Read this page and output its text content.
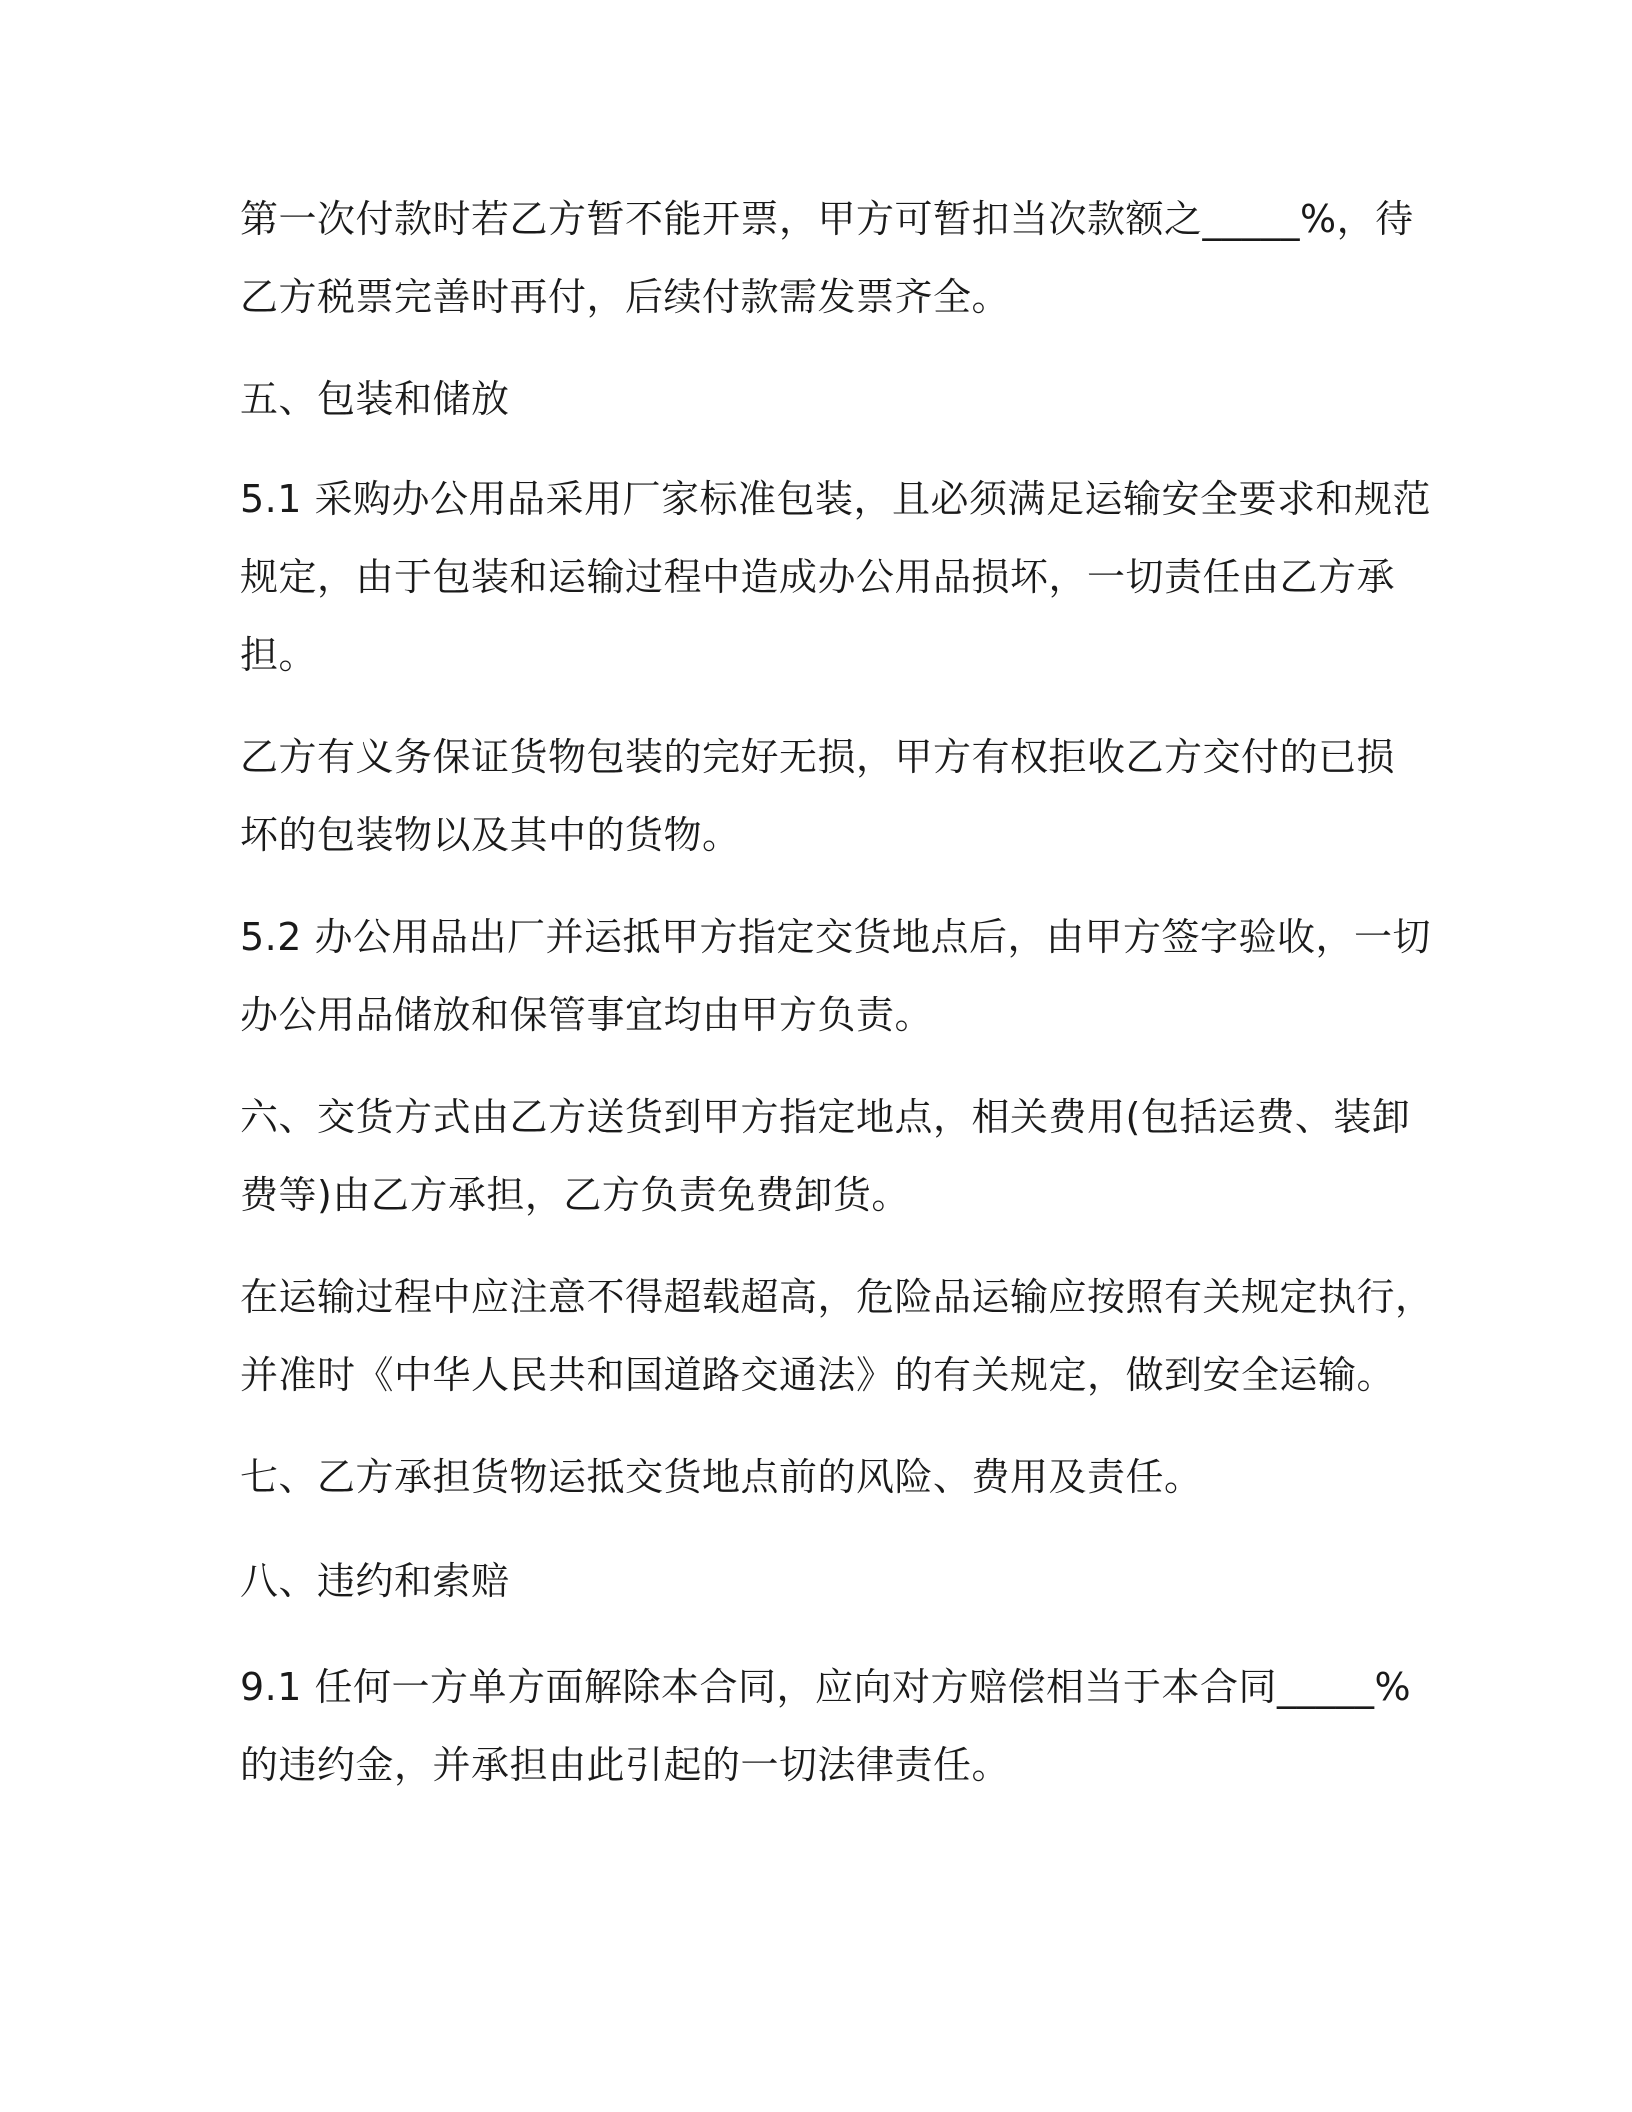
第一次付款时若乙方暂不能开票，甲方可暂扣当次款额之_____%，待
乙方税票完善时再付，后续付款需发票齐全。

五、包装和储放

5.1 采购办公用品采用厂家标准包装，且必须满足运输安全要求和规范
规定，由于包装和运输过程中造成办公用品损坏，一切责任由乙方承
担。

乙方有义务保证货物包装的完好无损，甲方有权拒收乙方交付的已损
坏的包装物以及其中的货物。

5.2 办公用品出厂并运抵甲方指定交货地点后，由甲方签字验收，一切
办公用品储放和保管事宜均由甲方负责。

六、交货方式由乙方送货到甲方指定地点，相关费用(包括运费、装卸
费等)由乙方承担，乙方负责免费卸货。

在运输过程中应注意不得超载超高，危险品运输应按照有关规定执行，
并准时《中华人民共和国道路交通法》的有关规定，做到安全运输。

七、乙方承担货物运抵交货地点前的风险、费用及责任。

八、违约和索赔

9.1 任何一方单方面解除本合同，应向对方赔偿相当于本合同_____%
的违约金，并承担由此引起的一切法律责任。
